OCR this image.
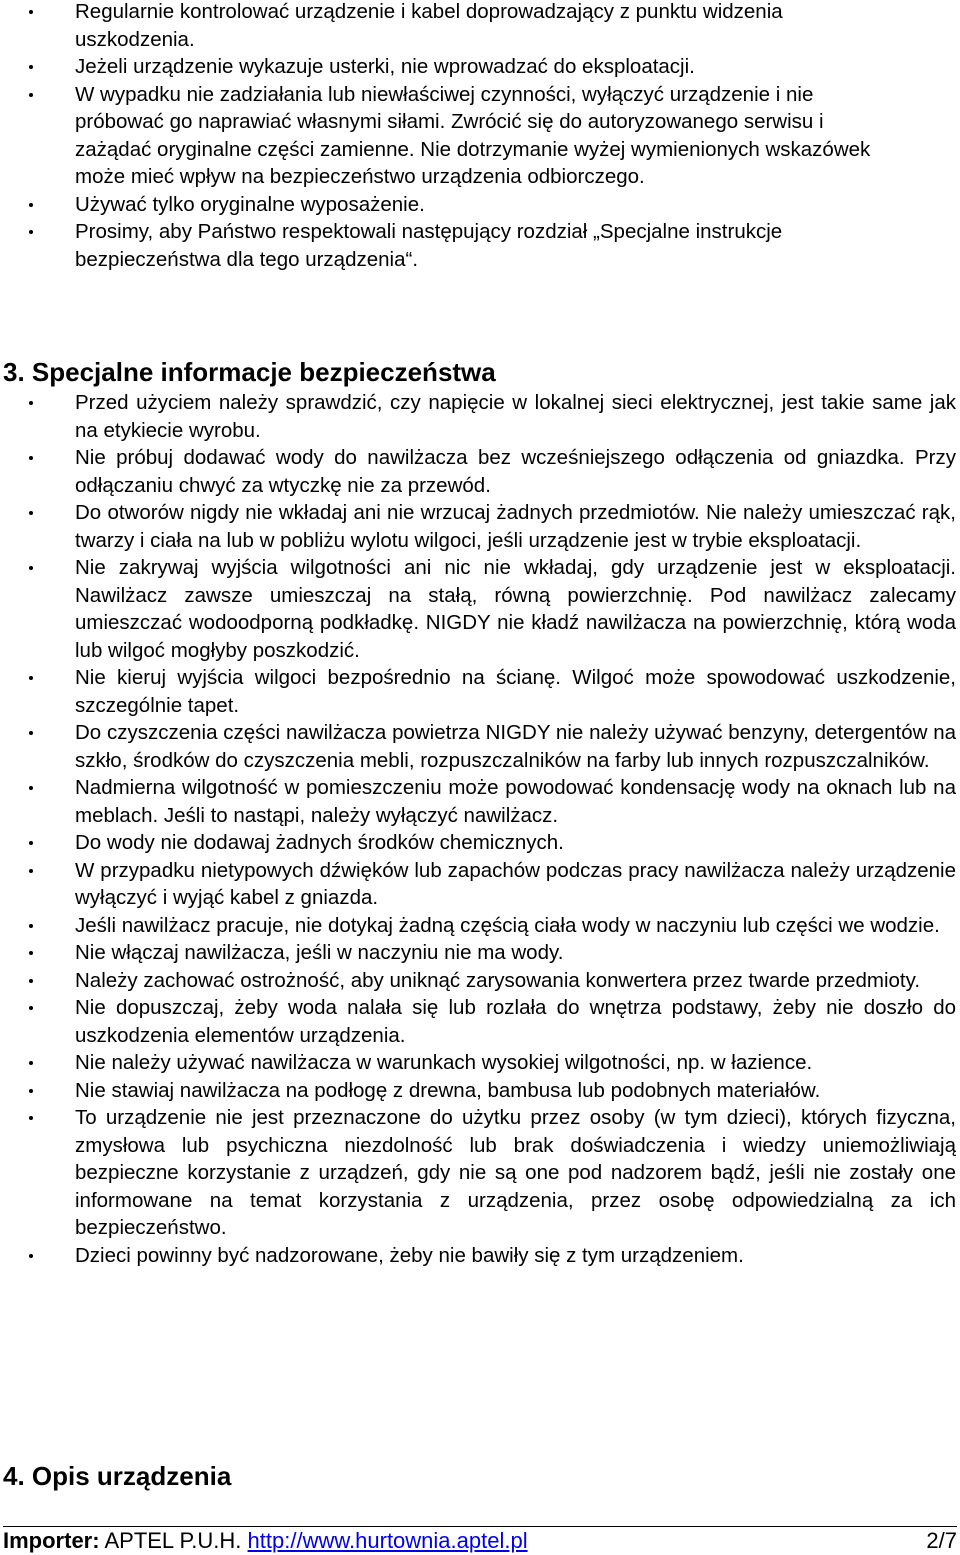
Regularnie kontrolować urządzenie i kabel doprowadzający z punktu widzenia uszkodzenia.
Jeżeli urządzenie wykazuje usterki, nie wprowadzać do eksploatacji.
W wypadku nie zadziałania lub niewłaściwej czynności, wyłączyć urządzenie i nie próbować go naprawiać własnymi siłami. Zwrócić się do autoryzowanego serwisu i zażądać oryginalne części zamienne. Nie dotrzymanie wyżej wymienionych wskazówek może mieć wpływ na bezpieczeństwo urządzenia odbiorczego.
Używać tylko oryginalne wyposażenie.
Prosimy, aby Państwo respektowali następujący rozdział „Specjalne instrukcje bezpieczeństwa dla tego urządzenia“.
3. Specjalne informacje bezpieczeństwa
Przed użyciem należy sprawdzić, czy napięcie w lokalnej sieci elektrycznej, jest takie same jak na etykiecie wyrobu.
Nie próbuj dodawać wody do nawilżacza bez wcześniejszego odłączenia od gniazdka. Przy odłączaniu chwyć za wtyczkę nie za przewód.
Do otworów nigdy nie wkładaj ani nie wrzucaj żadnych przedmiotów. Nie należy umieszczać rąk, twarzy i ciała na lub w pobliżu wylotu wilgoci, jeśli urządzenie jest w trybie eksploatacji.
Nie zakrywaj wyjścia wilgotności ani nic nie wkładaj, gdy urządzenie jest w eksploatacji. Nawilżacz zawsze umieszczaj na stałą, równą powierzchnię. Pod nawilżacz zalecamy umieszczać wodoodporną podkładkę. NIGDY nie kładź nawilżacza na powierzchnię, którą woda lub wilgoć mogłyby poszkodzić.
Nie kieruj wyjścia wilgoci bezpośrednio na ścianę. Wilgoć może spowodować uszkodzenie, szczególnie tapet.
Do czyszczenia części nawilżacza powietrza NIGDY nie należy używać benzyny, detergentów na szkło, środków do czyszczenia mebli, rozpuszczalników na farby lub innych rozpuszczalników.
Nadmierna wilgotność w pomieszczeniu może powodować kondensację wody na oknach lub na meblach. Jeśli to nastąpi, należy wyłączyć nawilżacz.
Do wody nie dodawaj żadnych środków chemicznych.
W przypadku nietypowych dźwięków lub zapachów podczas pracy nawilżacza należy urządzenie wyłączyć i wyjąć kabel z gniazda.
Jeśli nawilżacz pracuje, nie dotykaj żadną częścią ciała wody w naczyniu lub części we wodzie.
Nie włączaj nawilżacza, jeśli w naczyniu nie ma wody.
Należy zachować ostrożność, aby uniknąć zarysowania konwertera przez twarde przedmioty.
Nie dopuszczaj, żeby woda nalała się lub rozlała do wnętrza podstawy, żeby nie doszło do uszkodzenia elementów urządzenia.
Nie należy używać nawilżacza w warunkach wysokiej wilgotności, np. w łazience.
Nie stawiaj nawilżacza na podłogę z drewna, bambusa lub podobnych materiałów.
To urządzenie nie jest przeznaczone do użytku przez osoby (w tym dzieci), których fizyczna, zmysłowa lub psychiczna niezdolność lub brak doświadczenia i wiedzy uniemożliwiają bezpieczne korzystanie z urządzeń, gdy nie są one pod nadzorem bądź, jeśli nie zostały one informowane na temat korzystania z urządzenia, przez osobę odpowiedzialną za ich bezpieczeństwo.
Dzieci powinny być nadzorowane, żeby nie bawiły się z tym urządzeniem.
4. Opis urządzenia
Importer: APTEL P.U.H. http://www.hurtownia.aptel.pl	2/7
